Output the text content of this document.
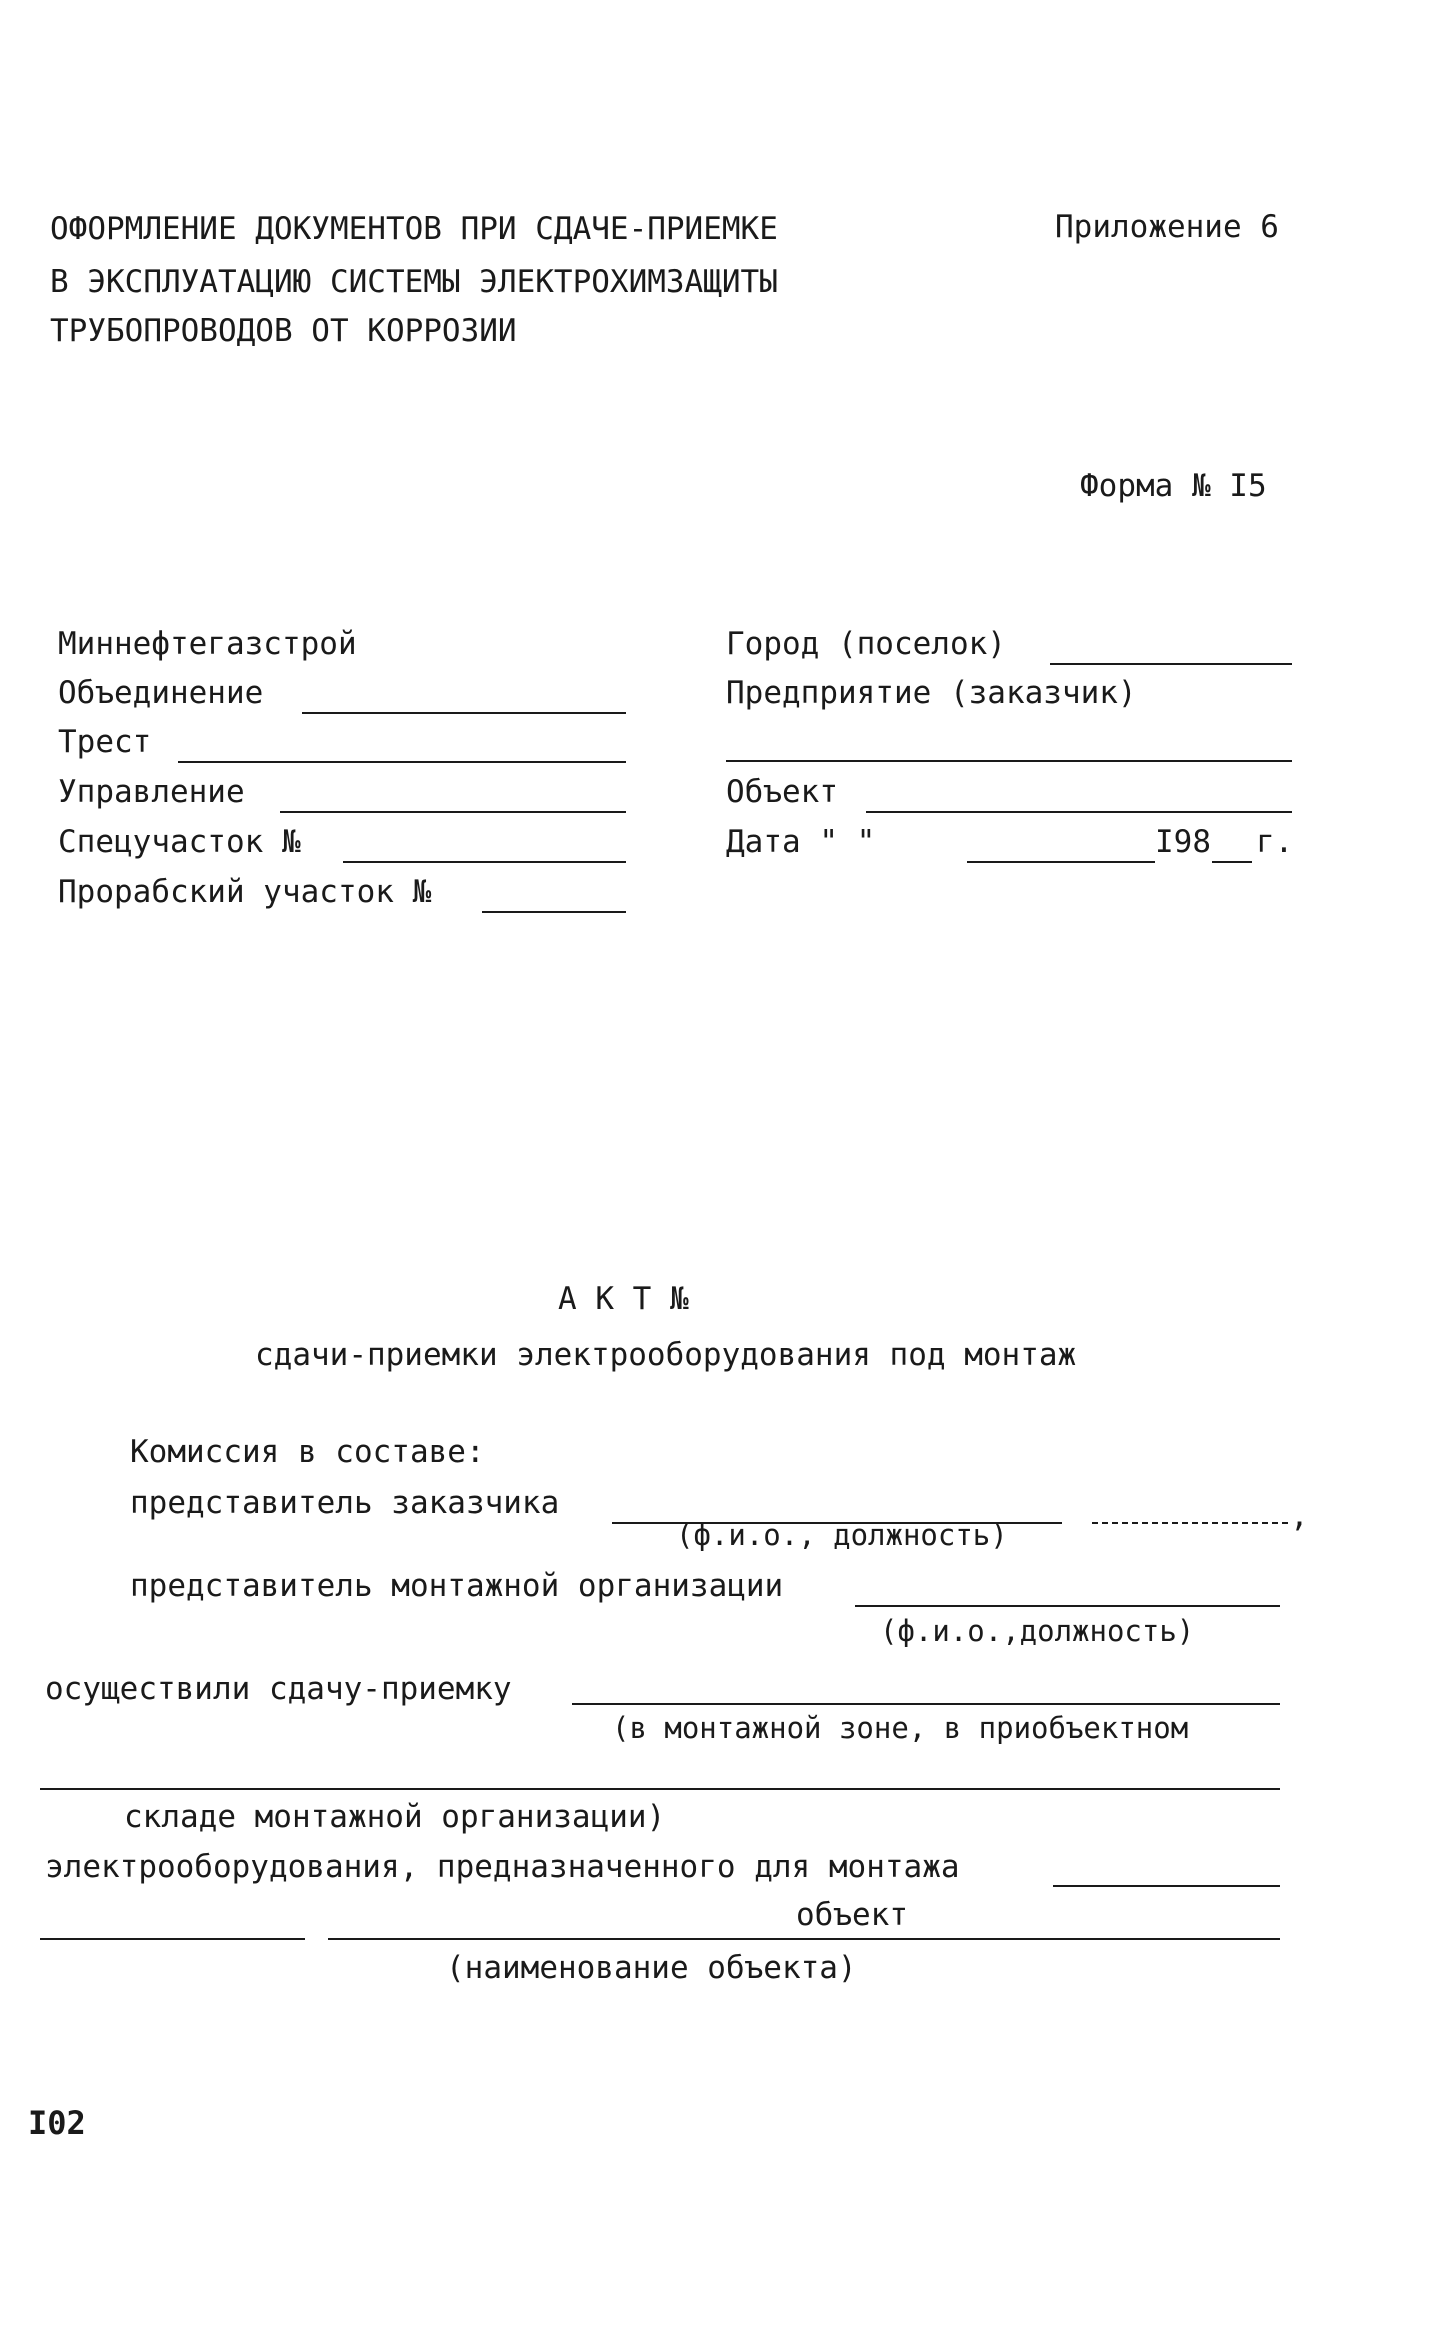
ОФОРМЛЕНИЕ ДОКУМЕНТОВ ПРИ СДАЧЕ-ПРИЕМКЕ
В ЭКСПЛУАТАЦИЮ СИСТЕМЫ ЭЛЕКТРОХИМЗАЩИТЫ
ТРУБОПРОВОДОВ ОТ КОРРОЗИИ
Приложение 6
Форма № I5
Миннефтегазстрой
Объединение
Трест
Управление
Спецучасток №
Прорабский участок №
Город (поселок)
Предприятие (заказчик)
Объект
Дата " "	I98 г.
А К Т №
сдачи-приемки электрооборудования под монтаж
Комиссия в составе:
представитель заказчика	,
(ф.и.о., должность)
представитель монтажной организации
(ф.и.о.,должность)
осуществили сдачу-приемку
(в монтажной зоне, в приобъектном
складе монтажной организации)
электрооборудования, предназначенного для монтажа
объект
(наименование объекта)
I02
